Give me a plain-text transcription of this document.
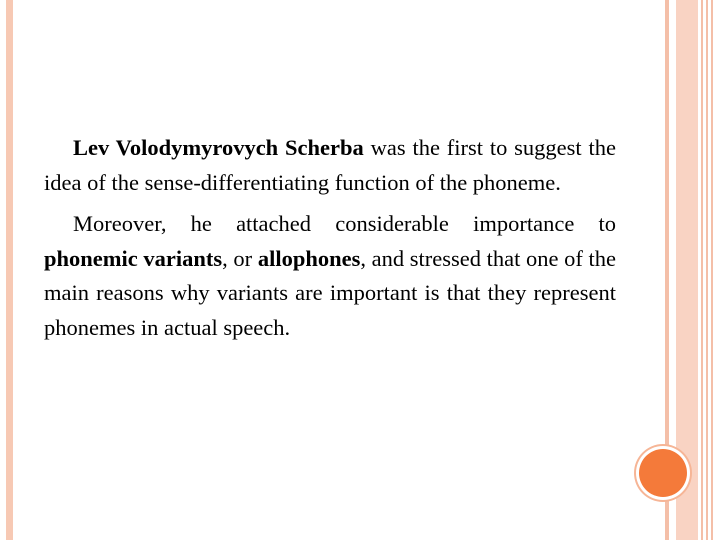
Lev Volodymyrovych Scherba was the first to suggest the idea of the sense-differentiating function of the phoneme.

Moreover, he attached considerable importance to phonemic variants, or allophones, and stressed that one of the main reasons why variants are important is that they represent phonemes in actual speech.
